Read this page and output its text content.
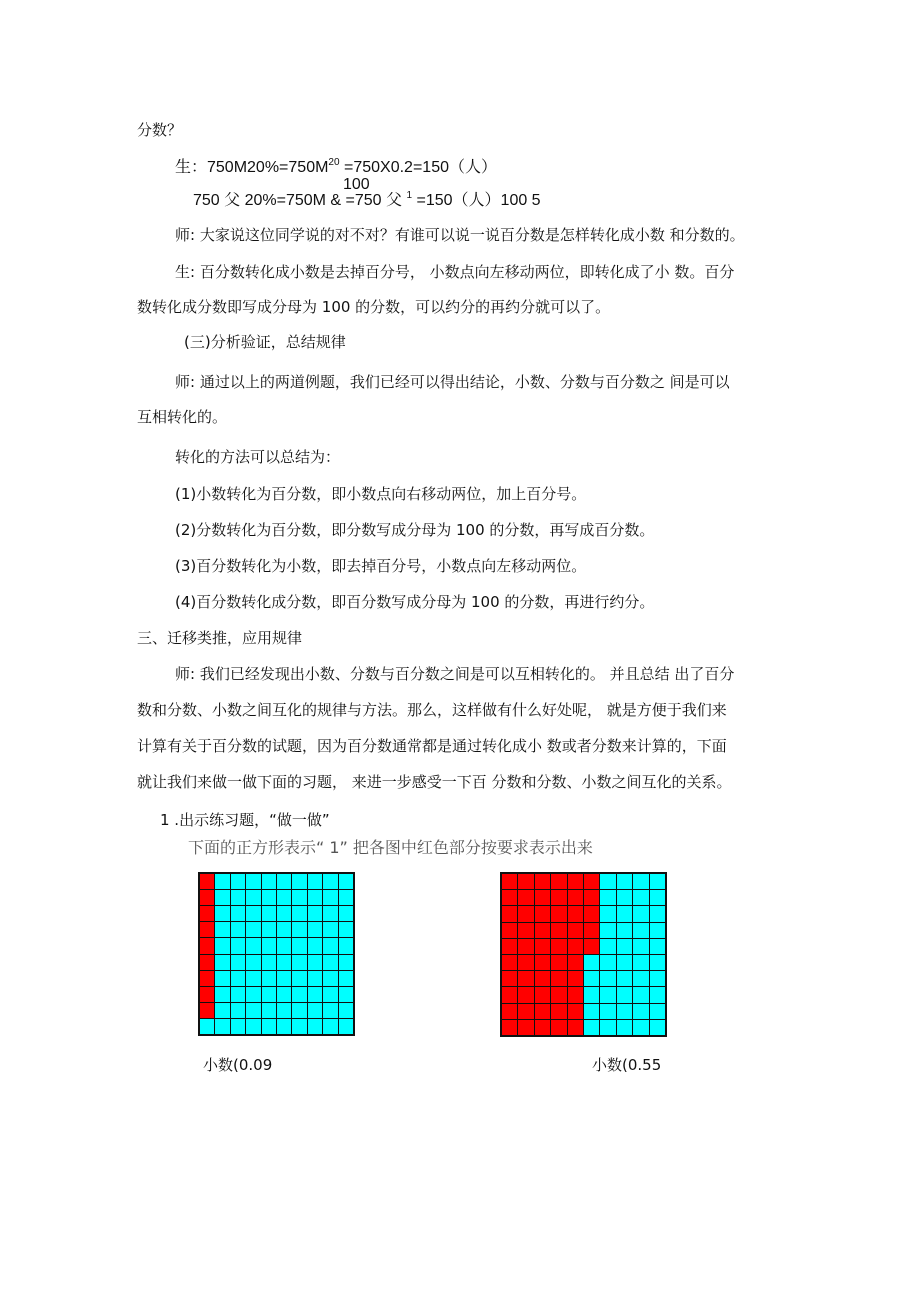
分数？
生：$750M20\%=750M^{20} =750X0.2=150$（人）
100
750 父 20%=750M & =750 父 $^1$ =150（人）100 5
师: 大家说这位同学说的对不对？有谁可以说一说百分数是怎样转化成小数 和分数的。
生: 百分数转化成小数是去掉百分号， 小数点向左移动两位，即转化成了小 数。百分
数转化成分数即写成分母为 100 的分数，可以约分的再约分就可以了。
(三)分析验证，总结规律
师: 通过以上的两道例题，我们已经可以得出结论，小数、分数与百分数之 间是可以
互相转化的。
转化的方法可以总结为：
(1)小数转化为百分数，即小数点向右移动两位，加上百分号。
(2)分数转化为百分数，即分数写成分母为 100 的分数，再写成百分数。
(3)百分数转化为小数，即去掉百分号，小数点向左移动两位。
(4)百分数转化成分数，即百分数写成分母为 100 的分数，再进行约分。
三、迁移类推，应用规律
师: 我们已经发现出小数、分数与百分数之间是可以互相转化的。 并且总结 出了百分
数和分数、小数之间互化的规律与方法。那么，这样做有什么好处呢， 就是方便于我们来
计算有关于百分数的试题，因为百分数通常都是通过转化成小 数或者分数来计算的，下面
就让我们来做一做下面的习题， 来进一步感受一下百 分数和分数、小数之间互化的关系。
1 .出示练习题，“做一做”
下面的正方形表示“ 1” 把各图中红色部分按要求表示出来
小数(0.09	小数(0.55
